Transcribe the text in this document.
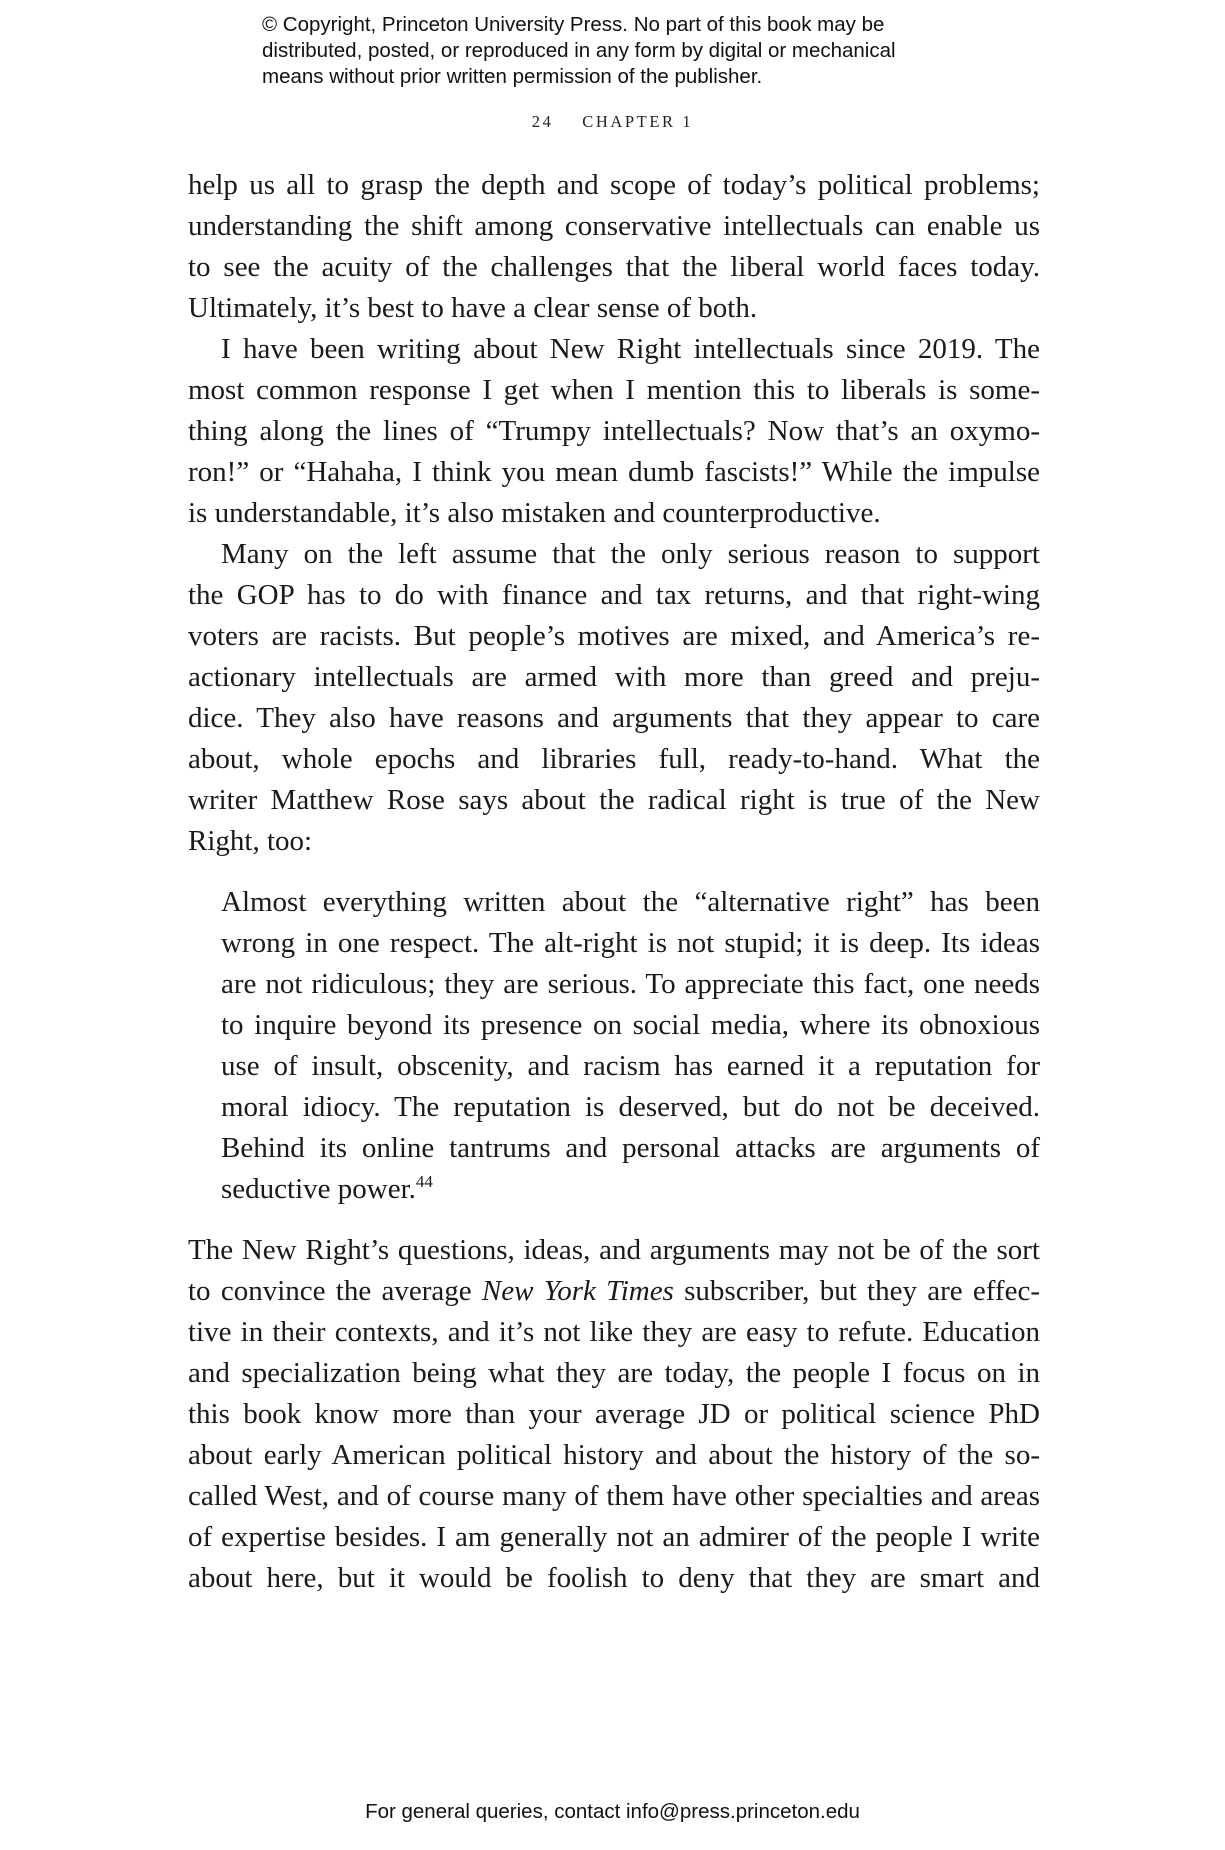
© Copyright, Princeton University Press. No part of this book may be
distributed, posted, or reproduced in any form by digital or mechanical
means without prior written permission of the publisher.
24 CHAPTER 1

help us all to grasp the depth and scope of today’s political problems;
understanding the shift among conservative intellectuals can enable us
to see the acuity of the challenges that the liberal world faces today.
Ultimately, it’s best to have a clear sense of both.

I have been writing about New Right intellectuals since 2019. The
most common response I get when I mention this to liberals is some-
thing along the lines of “Trumpy intellectuals? Now that’s an oxymo-
ron!” or “Hahaha, I think you mean dumb fascists!” While the impulse
is understandable, it’s also mistaken and counterproductive.

Many on the left assume that the only serious reason to support
the GOP has to do with finance and tax returns, and that right-wing
voters are racists. But people’s motives are mixed, and America’s re-
actionary intellectuals are armed with more than greed and preju-
dice. They also have reasons and arguments that they appear to care
about, whole epochs and libraries full, ready-to-hand. What the
writer Matthew Rose says about the radical right is true of the New
Right, too:

Almost everything written about the “alternative right” has been
wrong in one respect. The alt-right is not stupid; it is deep. Its ideas
are not ridiculous; they are serious. To appreciate this fact, one needs
to inquire beyond its presence on social media, where its obnoxious
use of insult, obscenity, and racism has earned it a reputation for
moral idiocy. The reputation is deserved, but do not be deceived.
Behind its online tantrums and personal attacks are arguments of
seductive power.$^{44}$

The New Right’s questions, ideas, and arguments may not be of the sort
to convince the average New York Times subscriber, but they are effec-
tive in their contexts, and it’s not like they are easy to refute. Education
and specialization being what they are today, the people I focus on in
this book know more than your average JD or political science PhD
about early American political history and about the history of the so-
called West, and of course many of them have other specialties and areas
of expertise besides. I am generally not an admirer of the people I write
about here, but it would be foolish to deny that they are smart and

For general queries, contact info@press.princeton.edu
